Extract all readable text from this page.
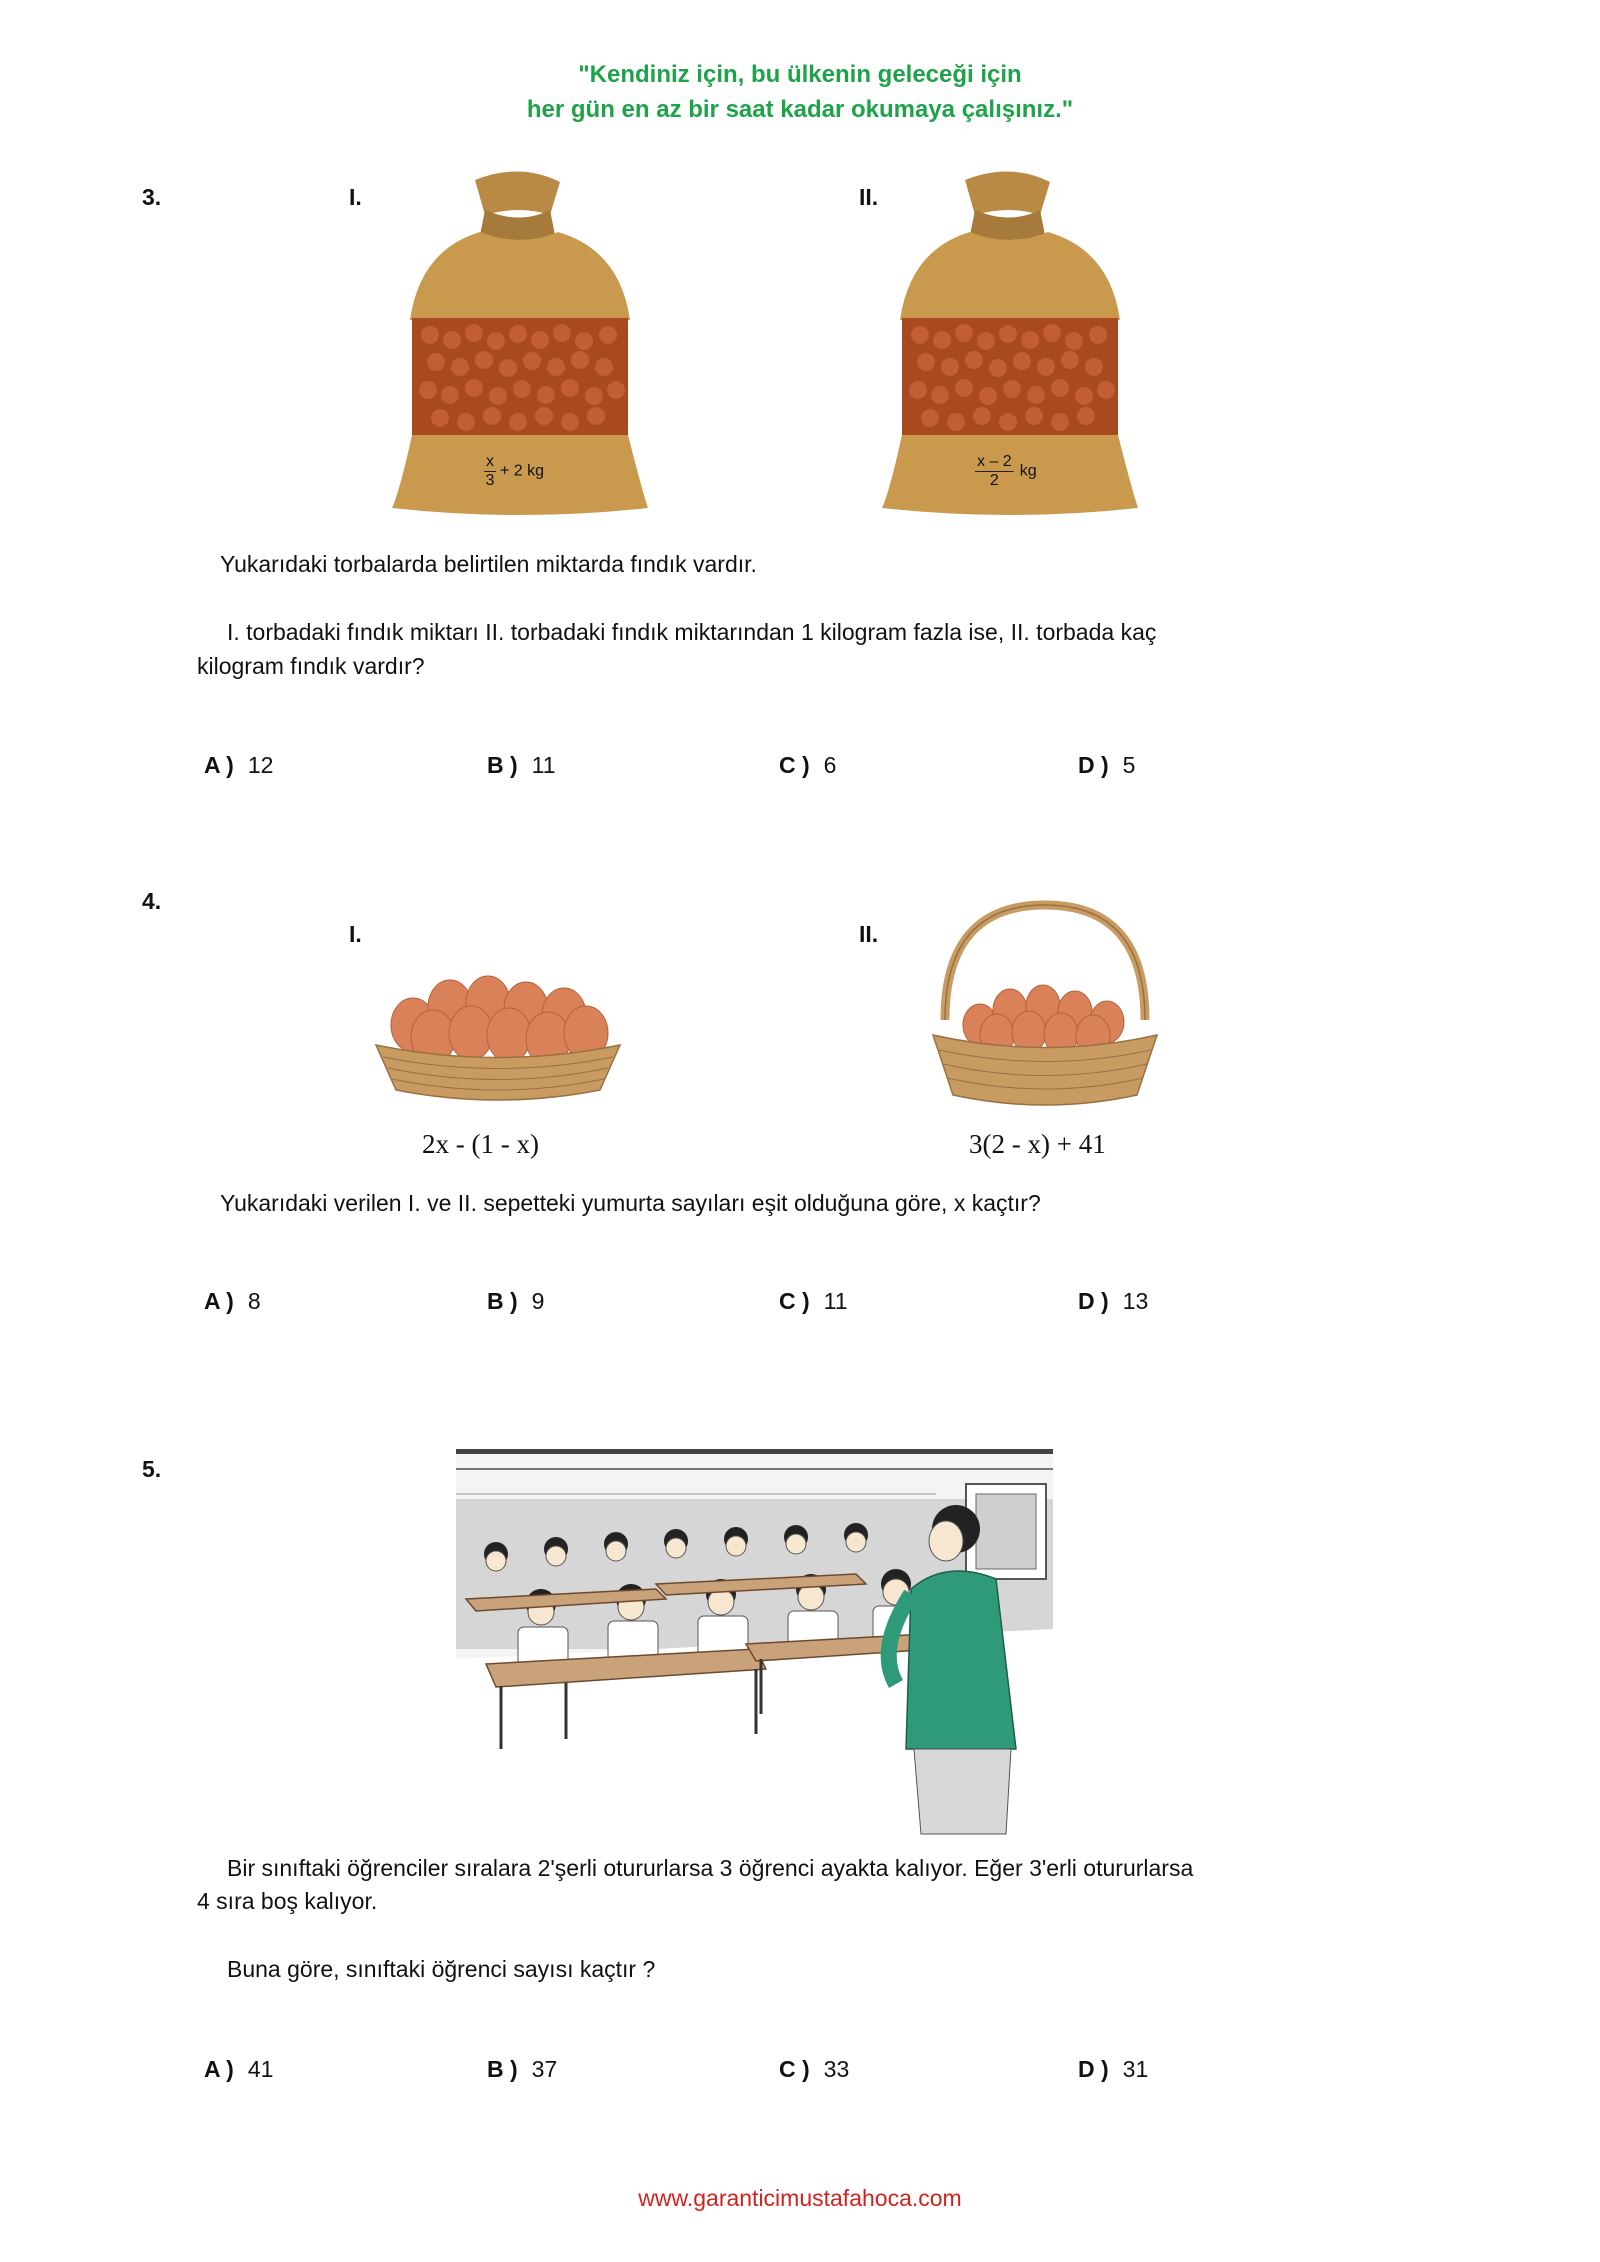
"Kendiniz için, bu ülkenin geleceği için
her gün en az bir saat kadar okumaya çalışınız."
3.	I.	II.
$\frac{x}{3} + 2$ kg	$\frac{x - 2}{2}$ kg
Yukarıdaki torbalarda belirtilen miktarda fındık vardır.
I. torbadaki fındık miktarı II. torbadaki fındık miktarından 1 kilogram fazla ise, II. torbada kaç
kilogram fındık vardır?
A ) 12	B ) 11	C ) 6	D ) 5
4.
I.	II.
2x - (1 - x)	3(2 - x) + 41
Yukarıdaki verilen I. ve II. sepetteki yumurta sayıları eşit olduğuna göre, x kaçtır?
A ) 8	B ) 9	C ) 11	D ) 13
5.
Bir sınıftaki öğrenciler sıralara 2'şerli otururlarsa 3 öğrenci ayakta kalıyor. Eğer 3'erli otururlarsa
4 sıra boş kalıyor.
Buna göre, sınıftaki öğrenci sayısı kaçtır ?
A ) 41	B ) 37	C ) 33	D ) 31
www.garanticimustafahoca.com
